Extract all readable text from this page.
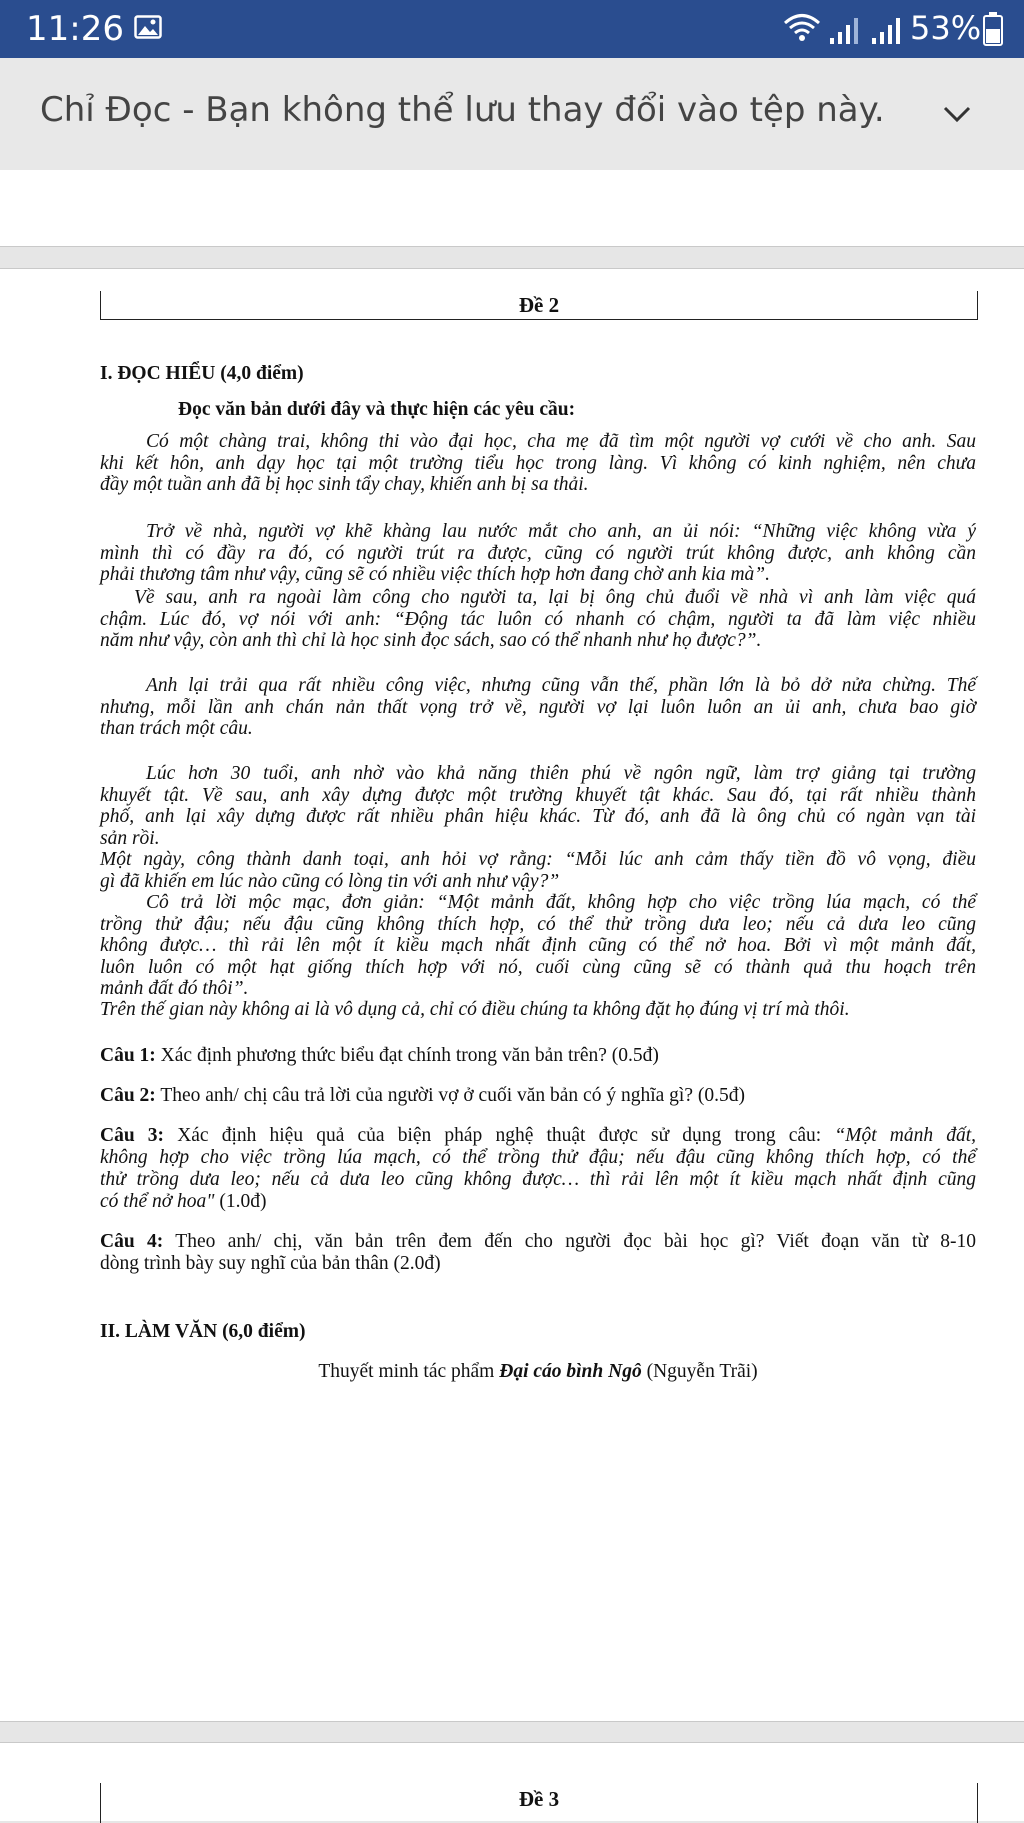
11:26	53%
Chỉ Đọc - Bạn không thể lưu thay đổi vào tệp này.
Đề 2
I. ĐỌC HIỂU (4,0 điểm)
Đọc văn bản dưới đây và thực hiện các yêu cầu:
Có một chàng trai, không thi vào đại học, cha mẹ đã tìm một người vợ cưới về cho anh. Sau
khi kết hôn, anh dạy học tại một trường tiểu học trong làng. Vì không có kinh nghiệm, nên chưa
đầy một tuần anh đã bị học sinh tẩy chay, khiến anh bị sa thải.
Trở về nhà, người vợ khẽ khàng lau nước mắt cho anh, an ủi nói: “Những việc không vừa ý
mình thì có đầy ra đó, có người trút ra được, cũng có người trút không được, anh không cần
phải thương tâm như vậy, cũng sẽ có nhiều việc thích hợp hơn đang chờ anh kia mà”.
Về sau, anh ra ngoài làm công cho người ta, lại bị ông chủ đuổi về nhà vì anh làm việc quá
chậm. Lúc đó, vợ nói với anh: “Động tác luôn có nhanh có chậm, người ta đã làm việc nhiều
năm như vậy, còn anh thì chỉ là học sinh đọc sách, sao có thể nhanh như họ được?”.
Anh lại trải qua rất nhiều công việc, nhưng cũng vẫn thế, phần lớn là bỏ dở nửa chừng. Thế
nhưng, mỗi lần anh chán nản thất vọng trở về, người vợ lại luôn luôn an ủi anh, chưa bao giờ
than trách một câu.
Lúc hơn 30 tuổi, anh nhờ vào khả năng thiên phú về ngôn ngữ, làm trợ giảng tại trường
khuyết tật. Về sau, anh xây dựng được một trường khuyết tật khác. Sau đó, tại rất nhiều thành
phố, anh lại xây dựng được rất nhiều phân hiệu khác. Từ đó, anh đã là ông chủ có ngàn vạn tài
sản rồi.
Một ngày, công thành danh toại, anh hỏi vợ rằng: “Mỗi lúc anh cảm thấy tiền đồ vô vọng, điều
gì đã khiến em lúc nào cũng có lòng tin với anh như vậy?”
Cô trả lời mộc mạc, đơn giản: “Một mảnh đất, không hợp cho việc trồng lúa mạch, có thể
trồng thử đậu; nếu đậu cũng không thích hợp, có thể thử trồng dưa leo; nếu cả dưa leo cũng
không được… thì rải lên một ít kiều mạch nhất định cũng có thể nở hoa. Bởi vì một mảnh đất,
luôn luôn có một hạt giống thích hợp với nó, cuối cùng cũng sẽ có thành quả thu hoạch trên
mảnh đất đó thôi”.
Trên thế gian này không ai là vô dụng cả, chỉ có điều chúng ta không đặt họ đúng vị trí mà thôi.
Câu 1: Xác định phương thức biểu đạt chính trong văn bản trên? (0.5đ)
Câu 2: Theo anh/ chị câu trả lời của người vợ ở cuối văn bản có ý nghĩa gì? (0.5đ)
Câu 3: Xác định hiệu quả của biện pháp nghệ thuật được sử dụng trong câu: “Một mảnh đất,
không hợp cho việc trồng lúa mạch, có thể trồng thử đậu; nếu đậu cũng không thích hợp, có thể
thử trồng dưa leo; nếu cả dưa leo cũng không được… thì rải lên một ít kiều mạch nhất định cũng
có thể nở hoa" (1.0đ)
Câu 4: Theo anh/ chị, văn bản trên đem đến cho người đọc bài học gì? Viết đoạn văn từ 8-10
dòng trình bày suy nghĩ của bản thân (2.0đ)
II. LÀM VĂN (6,0 điểm)
Thuyết minh tác phẩm Đại cáo bình Ngô (Nguyễn Trãi)
Đề 3
